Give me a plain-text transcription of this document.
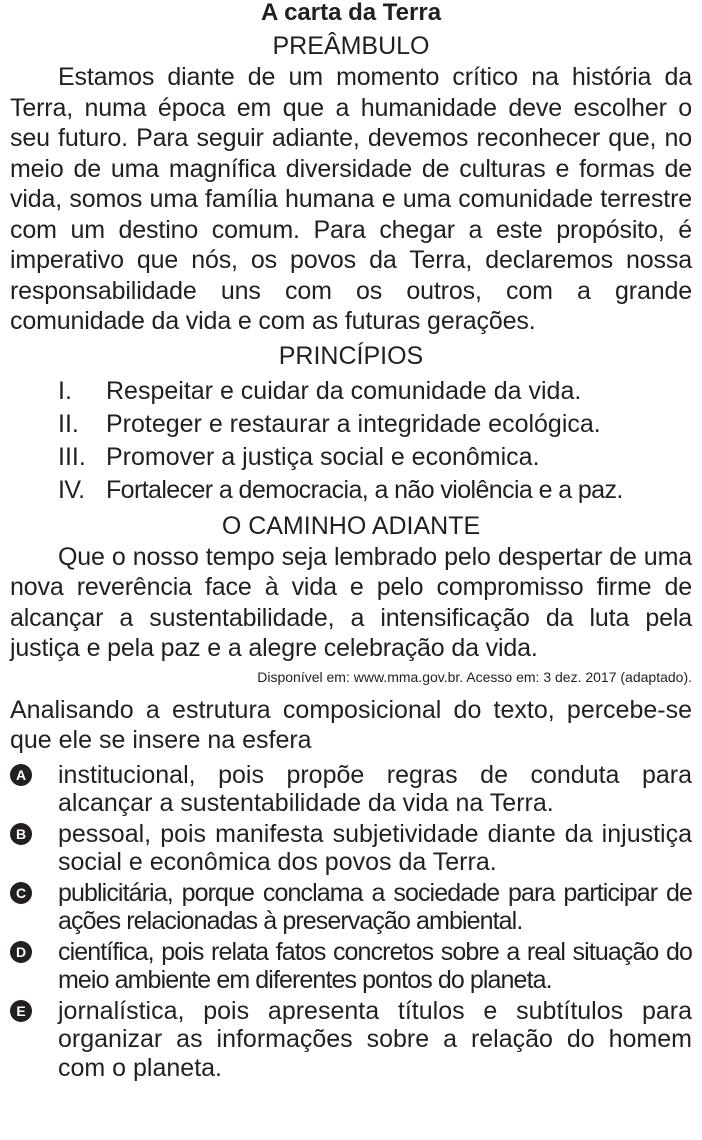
A carta da Terra
PREÂMBULO

Estamos diante de um momento crítico na história da Terra, numa época em que a humanidade deve escolher o seu futuro. Para seguir adiante, devemos reconhecer que, no meio de uma magnífica diversidade de culturas e formas de vida, somos uma família humana e uma comunidade terrestre com um destino comum. Para chegar a este propósito, é imperativo que nós, os povos da Terra, declaremos nossa responsabilidade uns com os outros, com a grande comunidade da vida e com as futuras gerações.

PRINCÍPIOS
I.	Respeitar e cuidar da comunidade da vida.
II.	Proteger e restaurar a integridade ecológica.
III. Promover a justiça social e econômica.
IV. Fortalecer a democracia, a não violência e a paz.
O CAMINHO ADIANTE

Que o nosso tempo seja lembrado pelo despertar de uma nova reverência face à vida e pelo compromisso firme de alcançar a sustentabilidade, a intensificação da luta pela justiça e pela paz e a alegre celebração da vida.

Disponível em: www.mma.gov.br. Acesso em: 3 dez. 2017 (adaptado).
Analisando a estrutura composicional do texto, percebe-se que ele se insere na esfera
A institucional, pois propõe regras de conduta para alcançar a sustentabilidade da vida na Terra.
B pessoal, pois manifesta subjetividade diante da injustiça social e econômica dos povos da Terra.
C publicitária, porque conclama a sociedade para participar de ações relacionadas à preservação ambiental.
D científica, pois relata fatos concretos sobre a real situação do meio ambiente em diferentes pontos do planeta.
E jornalística, pois apresenta títulos e subtítulos para organizar as informações sobre a relação do homem com o planeta.
